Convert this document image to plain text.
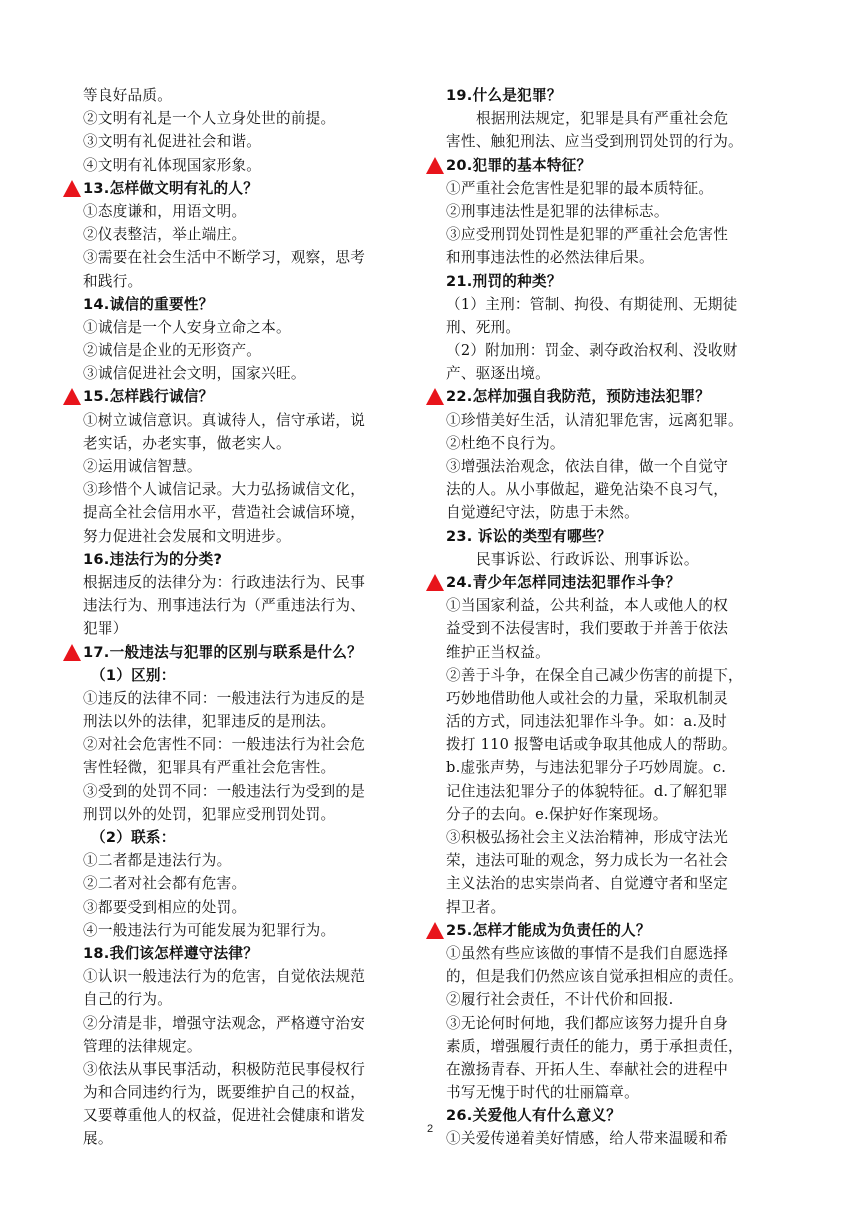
等良好品质。
②文明有礼是一个人立身处世的前提。
③文明有礼促进社会和谐。
④文明有礼体现国家形象。
13.怎样做文明有礼的人？
①态度谦和，用语文明。
②仪表整洁，举止端庄。
③需要在社会生活中不断学习，观察，思考
和践行。
14.诚信的重要性？
①诚信是一个人安身立命之本。
②诚信是企业的无形资产。
③诚信促进社会文明，国家兴旺。
15.怎样践行诚信？
①树立诚信意识。真诚待人，信守承诺，说
老实话，办老实事，做老实人。
②运用诚信智慧。
③珍惜个人诚信记录。大力弘扬诚信文化，
提高全社会信用水平，营造社会诚信环境，
努力促进社会发展和文明进步。
16.违法行为的分类?
根据违反的法律分为：行政违法行为、民事
违法行为、刑事违法行为（严重违法行为、
犯罪）
17.一般违法与犯罪的区别与联系是什么？
（1）区别：
①违反的法律不同：一般违法行为违反的是
刑法以外的法律，犯罪违反的是刑法。
②对社会危害性不同：一般违法行为社会危
害性轻微，犯罪具有严重社会危害性。
③受到的处罚不同：一般违法行为受到的是
刑罚以外的处罚，犯罪应受刑罚处罚。
（2）联系：
①二者都是违法行为。
②二者对社会都有危害。
③都要受到相应的处罚。
④一般违法行为可能发展为犯罪行为。
18.我们该怎样遵守法律？
①认识一般违法行为的危害，自觉依法规范
自己的行为。
②分清是非，增强守法观念，严格遵守治安
管理的法律规定。
③依法从事民事活动，积极防范民事侵权行
为和合同违约行为，既要维护自己的权益，
又要尊重他人的权益，促进社会健康和谐发
展。
19.什么是犯罪？
根据刑法规定，犯罪是具有严重社会危
害性、触犯刑法、应当受到刑罚处罚的行为。
20.犯罪的基本特征？
①严重社会危害性是犯罪的最本质特征。
②刑事违法性是犯罪的法律标志。
③应受刑罚处罚性是犯罪的严重社会危害性
和刑事违法性的必然法律后果。
21.刑罚的种类？
（1）主刑：管制、拘役、有期徒刑、无期徒
刑、死刑。
（2）附加刑：罚金、剥夺政治权利、没收财
产、驱逐出境。
22.怎样加强自我防范，预防违法犯罪？
①珍惜美好生活，认清犯罪危害，远离犯罪。
②杜绝不良行为。
③增强法治观念，依法自律，做一个自觉守
法的人。从小事做起，避免沾染不良习气，
自觉遵纪守法，防患于未然。
23. 诉讼的类型有哪些？
民事诉讼、行政诉讼、刑事诉讼。
24.青少年怎样同违法犯罪作斗争？
①当国家利益，公共利益，本人或他人的权
益受到不法侵害时，我们要敢于并善于依法
维护正当权益。
②善于斗争，在保全自己减少伤害的前提下，
巧妙地借助他人或社会的力量，采取机制灵
活的方式，同违法犯罪作斗争。如：a.及时
拨打 110 报警电话或争取其他成人的帮助。
b.虚张声势，与违法犯罪分子巧妙周旋。c.
记住违法犯罪分子的体貌特征。d.了解犯罪
分子的去向。e.保护好作案现场。
③积极弘扬社会主义法治精神，形成守法光
荣，违法可耻的观念，努力成长为一名社会
主义法治的忠实崇尚者、自觉遵守者和坚定
捍卫者。
25.怎样才能成为负责任的人？
①虽然有些应该做的事情不是我们自愿选择
的，但是我们仍然应该自觉承担相应的责任。
②履行社会责任，不计代价和回报.
③无论何时何地，我们都应该努力提升自身
素质，增强履行责任的能力，勇于承担责任，
在激扬青春、开拓人生、奉献社会的进程中
书写无愧于时代的壮丽篇章。
26.关爱他人有什么意义？
①关爱传递着美好情感，给人带来温暖和希
2
